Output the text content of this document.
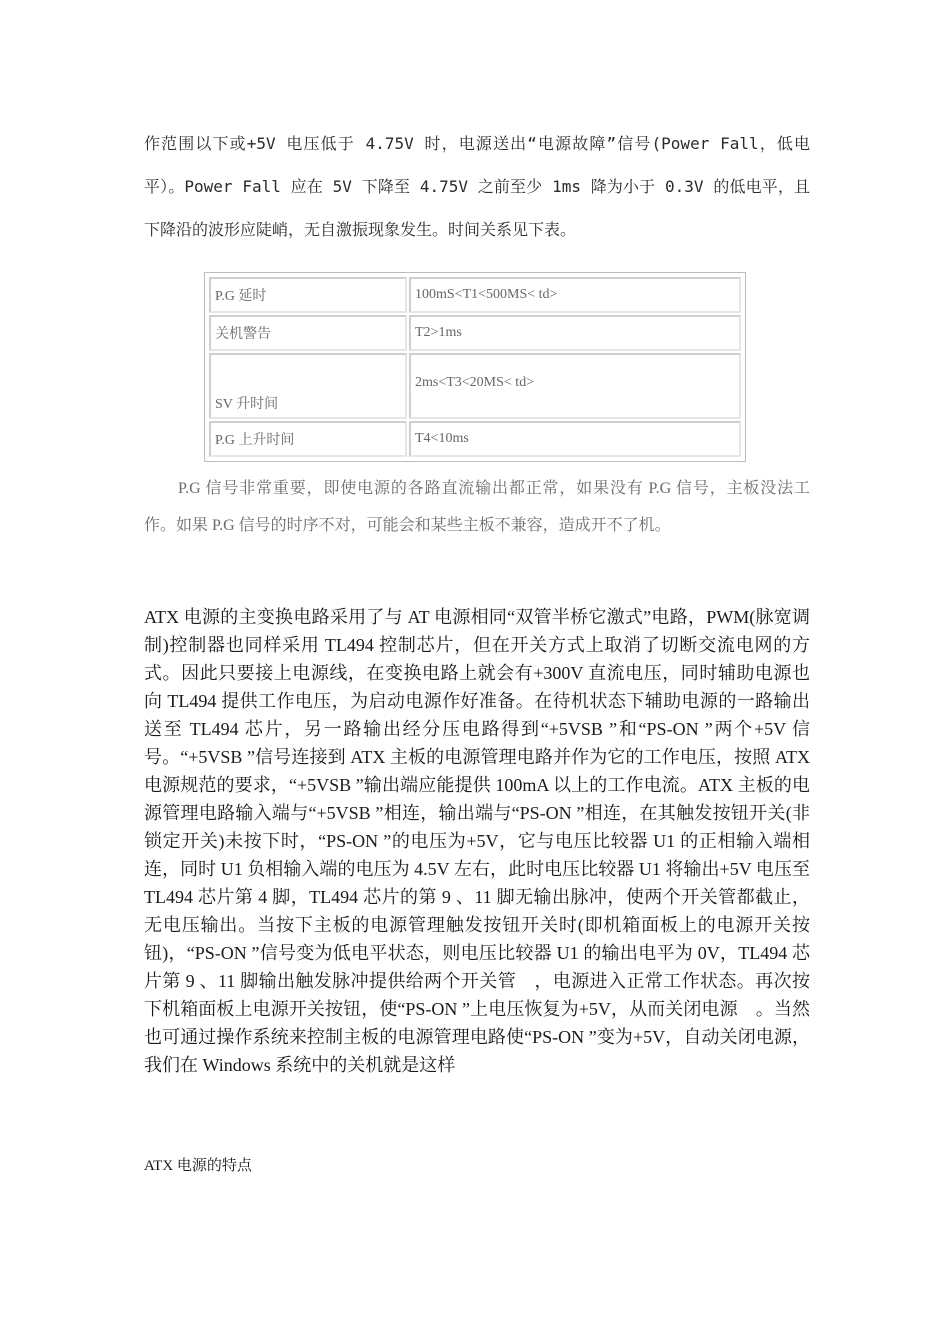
作范围以下或+5V 电压低于 4.75V 时，电源送出“电源故障”信号(Power Fall，低电平）。Power Fall 应在 5V 下降至 4.75V 之前至少 1ms 降为小于 0.3V 的低电平，且下降沿的波形应陡峭，无自激振现象发生。时间关系见下表。

P.G 延时	100mS<T1<500MS< td>
关机警告	T2>1ms
SV 升时间	2ms<T3<20MS< td>
P.G 上升时间	T4<10ms

P.G 信号非常重要，即使电源的各路直流输出都正常，如果没有 P.G 信号，主板没法工作。如果 P.G 信号的时序不对，可能会和某些主板不兼容，造成开不了机。

ATX 电源的主变换电路采用了与 AT 电源相同“双管半桥它激式”电路，PWM(脉宽调制)控制器也同样采用 TL494 控制芯片，但在开关方式上取消了切断交流电网的方式。因此只要接上电源线，在变换电路上就会有+300V 直流电压，同时辅助电源也向 TL494 提供工作电压，为启动电源作好准备。在待机状态下辅助电源的一路输出送至 TL494 芯片，另一路输出经分压电路得到“+5VSB ”和“PS-ON ”两个+5V 信号。“+5VSB ”信号连接到 ATX 主板的电源管理电路并作为它的工作电压，按照 ATX 电源规范的要求，“+5VSB ”输出端应能提供 100mA 以上的工作电流。ATX 主板的电源管理电路输入端与“+5VSB ”相连，输出端与“PS-ON ”相连，在其触发按钮开关(非锁定开关)未按下时，“PS-ON ”的电压为+5V，它与电压比较器 U1 的正相输入端相连，同时 U1 负相输入端的电压为 4.5V 左右，此时电压比较器 U1 将输出+5V 电压至 TL494 芯片第 4 脚，TL494 芯片的第 9 、11 脚无输出脉冲，使两个开关管都截止，无电压输出。当按下主板的电源管理触发按钮开关时(即机箱面板上的电源开关按钮)，“PS-ON ”信号变为低电平状态，则电压比较器 U1 的输出电平为 0V，TL494 芯片第 9 、11 脚输出触发脉冲提供给两个开关管　，电源进入正常工作状态。再次按下机箱面板上电源开关按钮，使“PS-ON ”上电压恢复为+5V，从而关闭电源　。当然也可通过操作系统来控制主板的电源管理电路使“PS-ON ”变为+5V，自动关闭电源，我们在 Windows 系统中的关机就是这样

ATX 电源的特点
